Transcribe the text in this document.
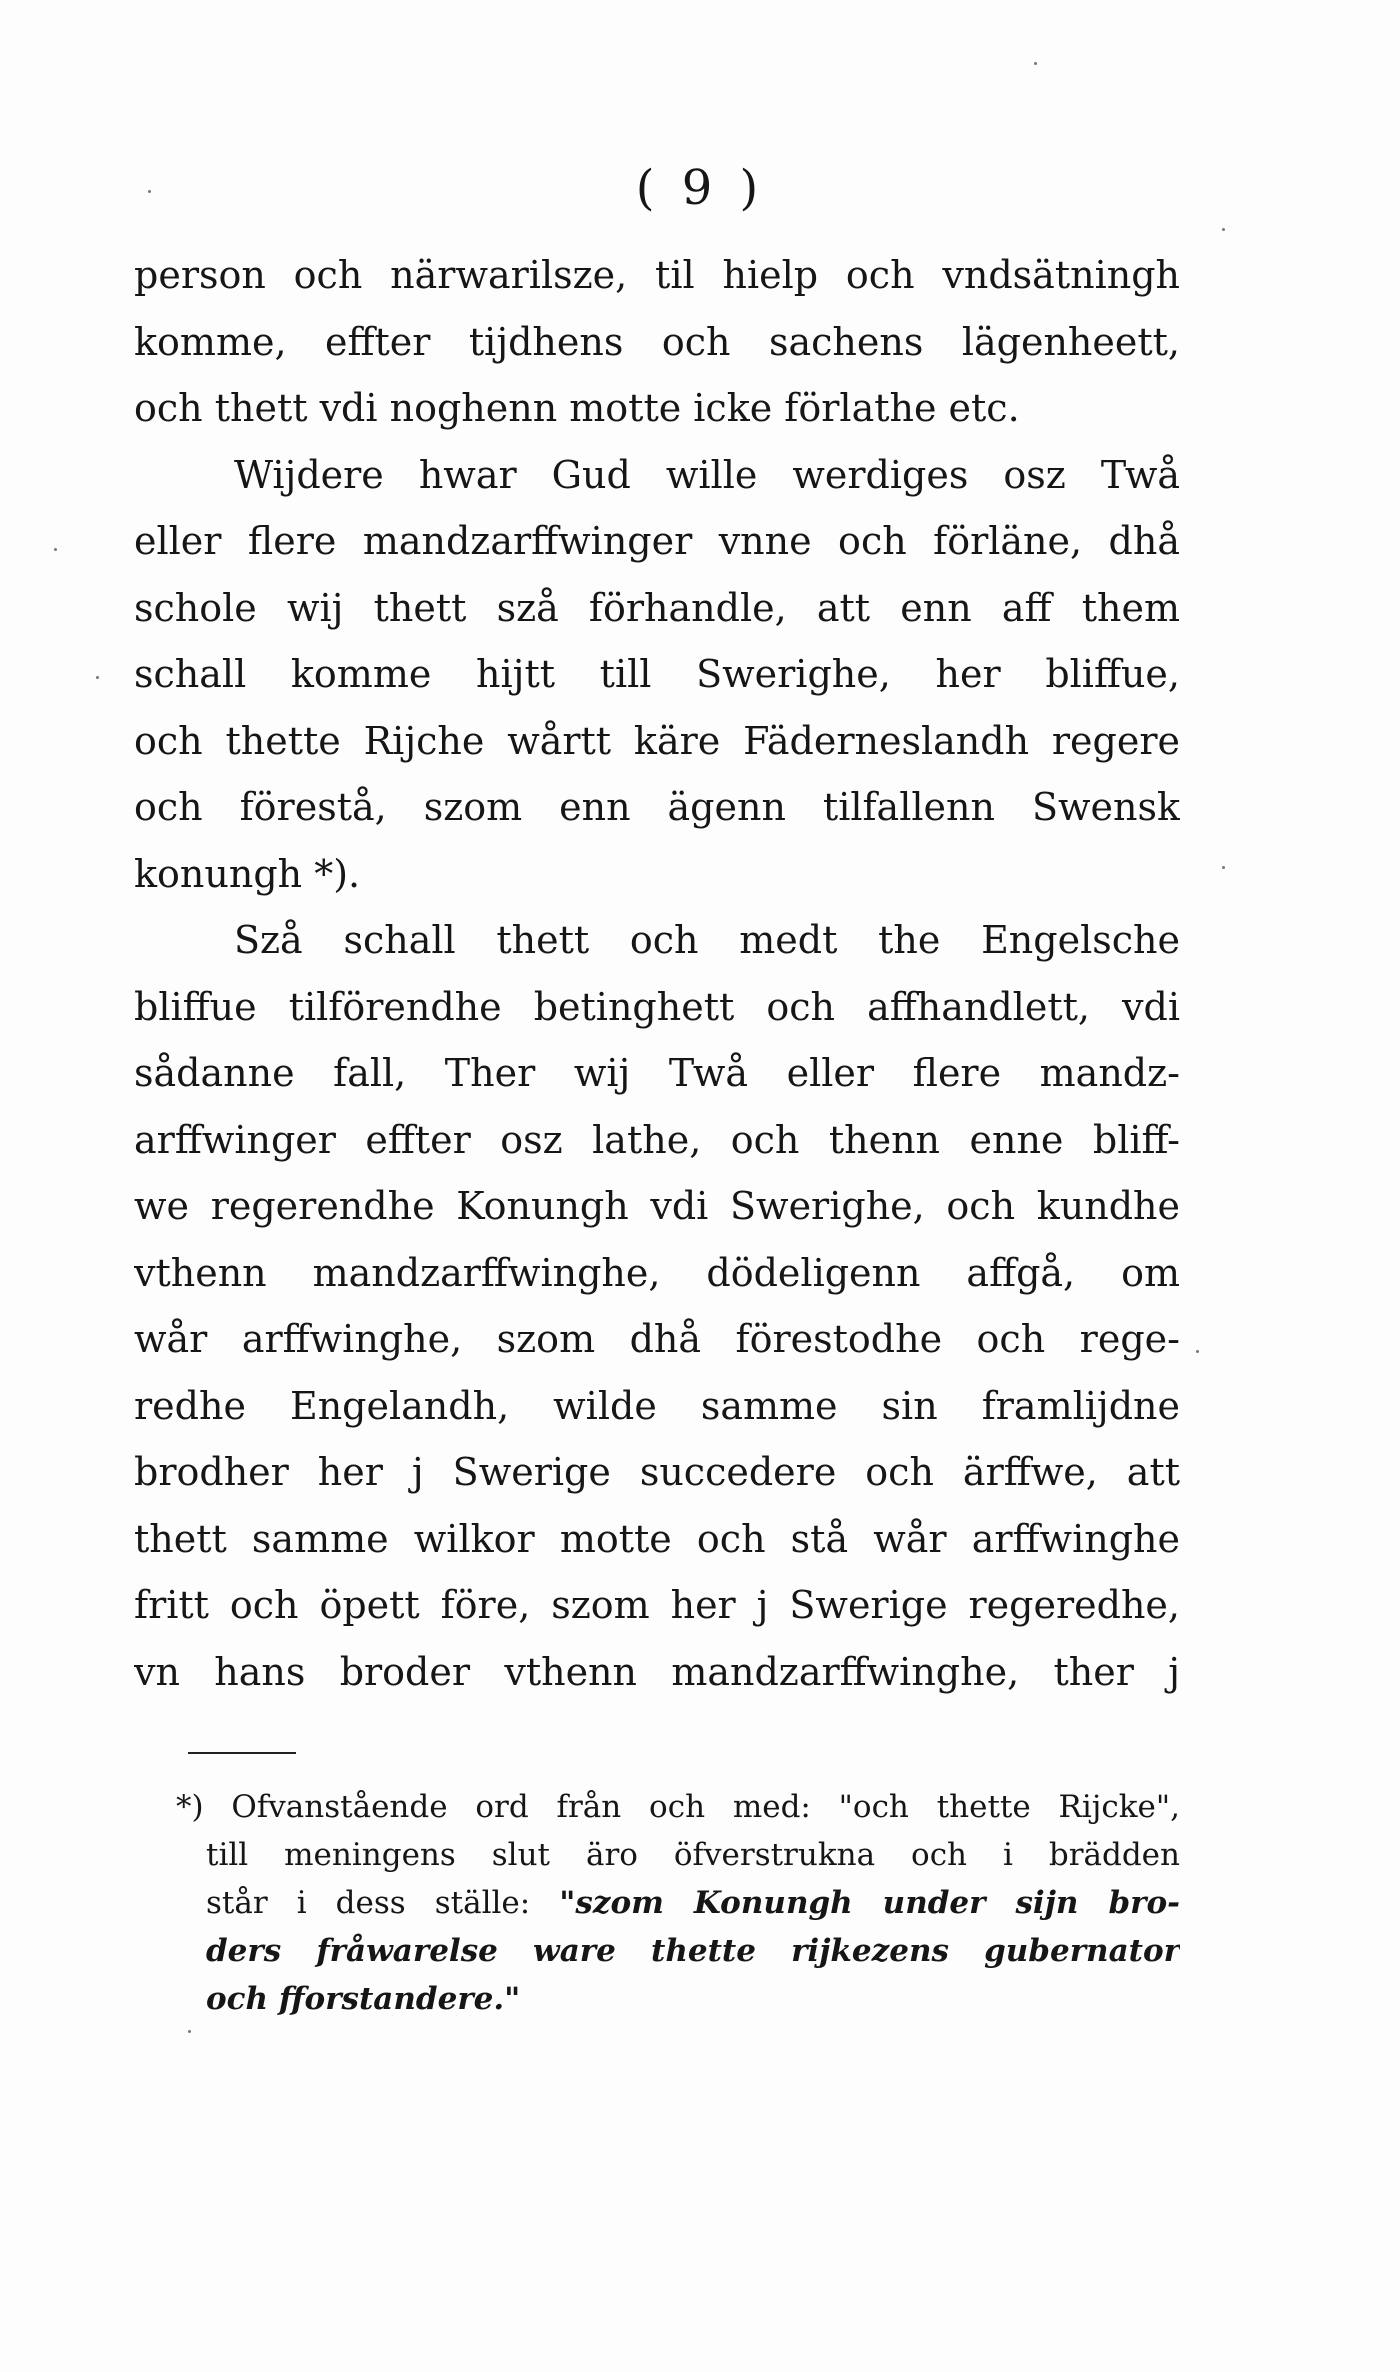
( 9 )
person och närwarilsze, til hielp och vndsätningh
komme, effter tijdhens och sachens lägenheett,
och thett vdi noghenn motte icke förlathe etc.
Wijdere hwar Gud wille werdiges osz Twå
eller flere mandzarffwinger vnne och förläne, dhå
schole wij thett szå förhandle, att enn aff them
schall komme hijtt till Swerighe, her bliffue,
och thette Rijche wårtt käre Fäderneslandh regere
och förestå, szom enn ägenn tilfallenn Swensk
konungh *).
Szå schall thett och medt the Engelsche
bliffue tilförendhe betinghett och affhandlett, vdi
sådanne fall, Ther wij Twå eller flere mandz-
arffwinger effter osz lathe, och thenn enne bliff-
we regerendhe Konungh vdi Swerighe, och kundhe
vthenn mandzarffwinghe, dödeligenn affgå, om
wår arffwinghe, szom dhå förestodhe och rege-
redhe Engelandh, wilde samme sin framlijdne
brodher her j Swerige succedere och ärffwe, att
thett samme wilkor motte och stå wår arffwinghe
fritt och öpett före, szom her j Swerige regeredhe,
vn hans broder vthenn mandzarffwinghe, ther j
*) Ofvanstående ord från och med: "och thette Rijcke",
till meningens slut äro öfverstrukna och i brädden
står i dess ställe: "szom Konungh under sijn bro-
ders fråwarelse ware thette rijkezens gubernator
och fforstandere."
